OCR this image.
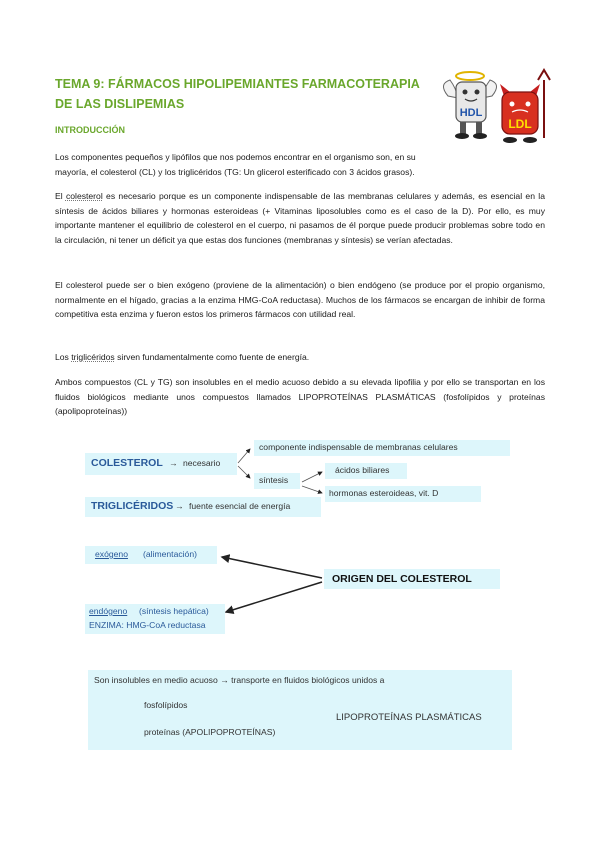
TEMA 9: FÁRMACOS HIPOLIPEMIANTES FARMACOTERAPIA DE LAS DISLIPEMIAS
HDL
LDL
INTRODUCCIÓN
Los componentes pequeños y lipófilos que nos podemos encontrar en el organismo son, en su mayoría, el colesterol (CL) y los triglicéridos (TG: Un glicerol esterificado con 3 ácidos grasos).
El colesterol es necesario porque es un componente indispensable de las membranas celulares y además, es esencial en la síntesis de ácidos biliares y hormonas esteroideas (+ Vitaminas liposolubles como es el caso de la D). Por ello, es muy importante mantener el equilibrio de colesterol en el cuerpo, ni pasamos de él porque puede producir problemas sobre todo en la circulación, ni tener un déficit ya que estas dos funciones (membranas y síntesis) se verían afectadas.
El colesterol puede ser o bien exógeno (proviene de la alimentación) o bien endógeno (se produce por el propio organismo, normalmente en el hígado, gracias a la enzima HMG-CoA reductasa). Muchos de los fármacos se encargan de inhibir de forma competitiva esta enzima y fueron estos los primeros fármacos con utilidad real.
Los triglicéridos sirven fundamentalmente como fuente de energía.
Ambos compuestos (CL y TG) son insolubles en el medio acuoso debido a su elevada lipofilia y por ello se transportan en los fluidos biológicos mediante unos compuestos llamados LIPOPROTEÍNAS PLASMÁTICAS (fosfolípidos y proteínas (apolipoproteínas))
COLESTEROL → necesario
componente indispensable de membranas celulares
síntesis
ácidos biliares
hormonas esteroideas, vit. D
TRIGLICÉRIDOS → fuente esencial de energía
exógeno (alimentación)
ORIGEN DEL COLESTEROL
endógeno (síntesis hepática)
ENZIMA: HMG-CoA reductasa
Son insolubles en medio acuoso → transporte en fluidos biológicos unidos a
fosfolípidos
proteínas (APOLIPOPROTEÍNAS)
LIPOPROTEÍNAS PLASMÁTICAS
